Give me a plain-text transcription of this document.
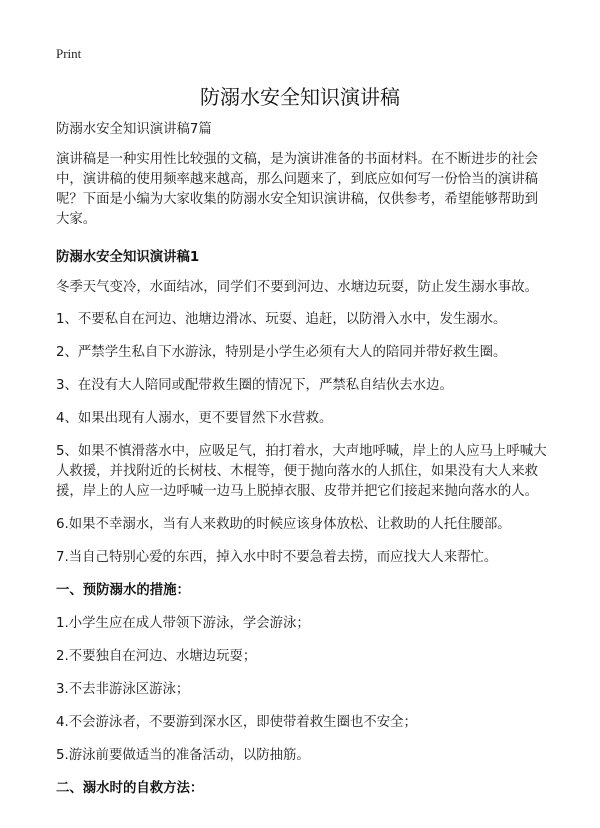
Print
防溺水安全知识演讲稿

防溺水安全知识演讲稿7篇

演讲稿是一种实用性比较强的文稿，是为演讲准备的书面材料。在不断进步的社会中，演讲稿的使用频率越来越高，那么问题来了，到底应如何写一份恰当的演讲稿呢？下面是小编为大家收集的防溺水安全知识演讲稿，仅供参考，希望能够帮助到大家。

防溺水安全知识演讲稿1

冬季天气变冷，水面结冰，同学们不要到河边、水塘边玩耍，防止发生溺水事故。

1、不要私自在河边、池塘边滑冰、玩耍、追赶，以防滑入水中，发生溺水。

2、严禁学生私自下水游泳，特别是小学生必须有大人的陪同并带好救生圈。

3、在没有大人陪同或配带救生圈的情况下，严禁私自结伙去水边。

4、如果出现有人溺水，更不要冒然下水营救。

5、如果不慎滑落水中，应吸足气，拍打着水，大声地呼喊，岸上的人应马上呼喊大人救援，并找附近的长树枝、木棍等，便于抛向落水的人抓住，如果没有大人来救援，岸上的人应一边呼喊一边马上脱掉衣服、皮带并把它们接起来抛向落水的人。

6.如果不幸溺水，当有人来救助的时候应该身体放松、让救助的人托住腰部。

7.当自己特别心爱的东西，掉入水中时不要急着去捞，而应找大人来帮忙。

一、预防溺水的措施：

1.小学生应在成人带领下游泳，学会游泳；

2.不要独自在河边、水塘边玩耍；

3.不去非游泳区游泳；

4.不会游泳者，不要游到深水区，即使带着救生圈也不安全；

5.游泳前要做适当的准备活动，以防抽筋。

二、溺水时的自救方法：
